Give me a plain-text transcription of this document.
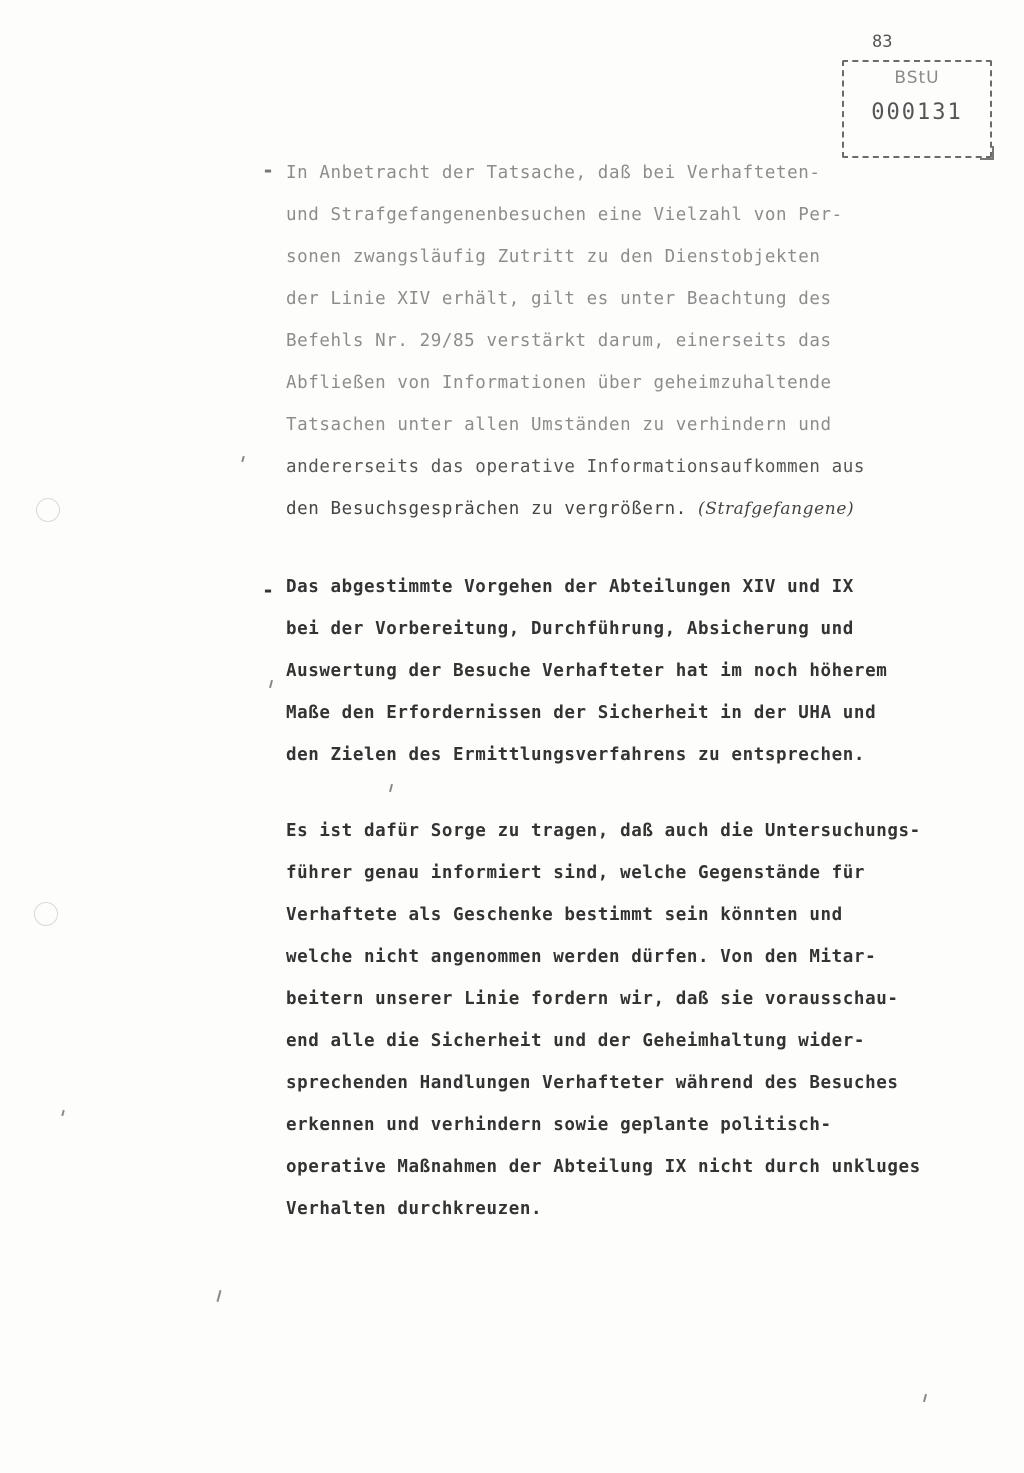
83
BStU
000131
- In Anbetracht der Tatsache, daß bei Verhafteten-
und Strafgefangenenbesuchen eine Vielzahl von Per-
sonen zwangsläufig Zutritt zu den Dienstobjekten
der Linie XIV erhält, gilt es unter Beachtung des
Befehls Nr. 29/85 verstärkt darum, einerseits das
Abfließen von Informationen über geheimzuhaltende
Tatsachen unter allen Umständen zu verhindern und
andererseits das operative Informationsaufkommen aus
den Besuchsgesprächen zu vergrößern. (Strafgefangene)
- Das abgestimmte Vorgehen der Abteilungen XIV und IX
bei der Vorbereitung, Durchführung, Absicherung und
Auswertung der Besuche Verhafteter hat im noch höherem
Maße den Erfordernissen der Sicherheit in der UHA und
den Zielen des Ermittlungsverfahrens zu entsprechen.
Es ist dafür Sorge zu tragen, daß auch die Untersuchungs-
führer genau informiert sind, welche Gegenstände für
Verhaftete als Geschenke bestimmt sein könnten und
welche nicht angenommen werden dürfen. Von den Mitar-
beitern unserer Linie fordern wir, daß sie vorausschau-
end alle die Sicherheit und der Geheimhaltung wider-
sprechenden Handlungen Verhafteter während des Besuches
erkennen und verhindern sowie geplante politisch-
operative Maßnahmen der Abteilung IX nicht durch unkluges
Verhalten durchkreuzen.
